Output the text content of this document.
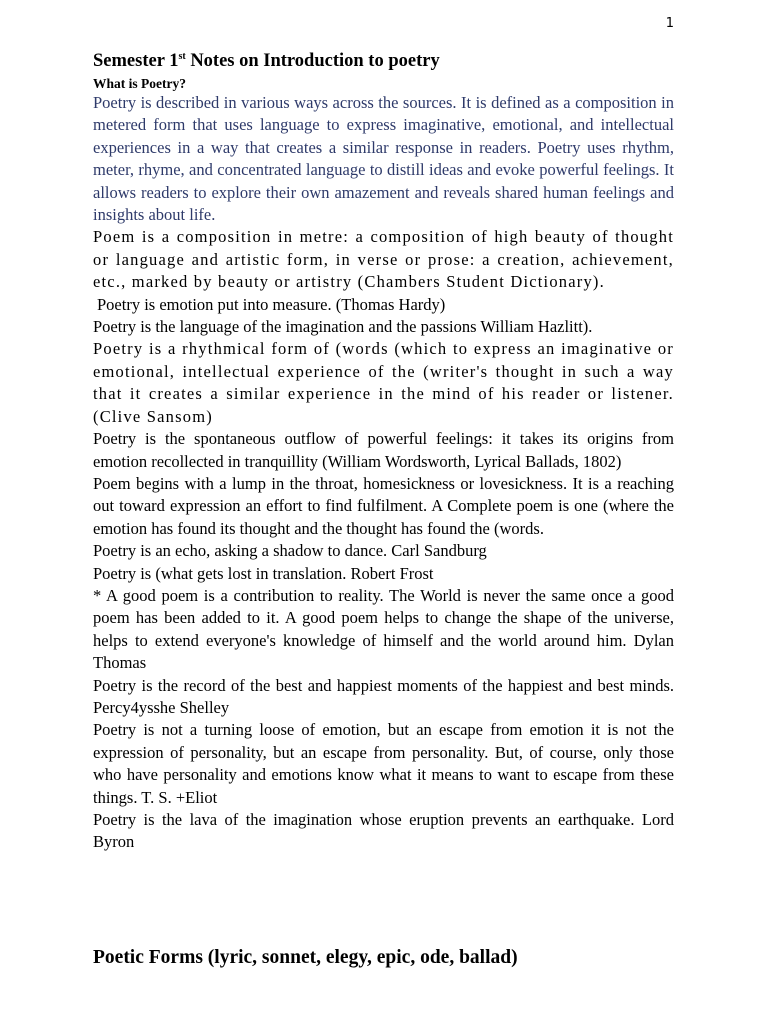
1
Semester 1st Notes on Introduction to poetry

What is Poetry?

Poetry is described in various ways across the sources. It is defined as a composition in metered form that uses language to express imaginative, emotional, and intellectual experiences in a way that creates a similar response in readers. Poetry uses rhythm, meter, rhyme, and concentrated language to distill ideas and evoke powerful feelings. It allows readers to explore their own amazement and reveals shared human feelings and insights about life.

Poem is a composition in metre: a composition of high beauty of thought or language and artistic form, in verse or prose: a creation, achievement, etc., marked by beauty or artistry (Chambers Student Dictionary).

Poetry is emotion put into measure. (Thomas Hardy)

Poetry is the language of the imagination and the passions William Hazlitt).

Poetry is a rhythmical form of (words (which to express an imaginative or emotional, intellectual experience of the (writer's thought in such a way that it creates a similar experience in the mind of his reader or listener. (Clive Sansom)

Poetry is the spontaneous outflow of powerful feelings: it takes its origins from emotion recollected in tranquillity (William Wordsworth, Lyrical Ballads, 1802)

Poem begins with a lump in the throat, homesickness or lovesickness. It is a reaching out toward expression an effort to find fulfilment. A Complete poem is one (where the emotion has found its thought and the thought has found the (words.

Poetry is an echo, asking a shadow to dance. Carl Sandburg

Poetry is (what gets lost in translation. Robert Frost

* A good poem is a contribution to reality. The World is never the same once a good poem has been added to it. A good poem helps to change the shape of the universe, helps to extend everyone's knowledge of himself and the world around him. Dylan Thomas

Poetry is the record of the best and happiest moments of the happiest and best minds. Percy4ysshe Shelley

Poetry is not a turning loose of emotion, but an escape from emotion it is not the expression of personality, but an escape from personality. But, of course, only those who have personality and emotions know what it means to want to escape from these things. T. S. +Eliot

Poetry is the lava of the imagination whose eruption prevents an earthquake. Lord Byron

Poetic Forms (lyric, sonnet, elegy, epic, ode, ballad)
